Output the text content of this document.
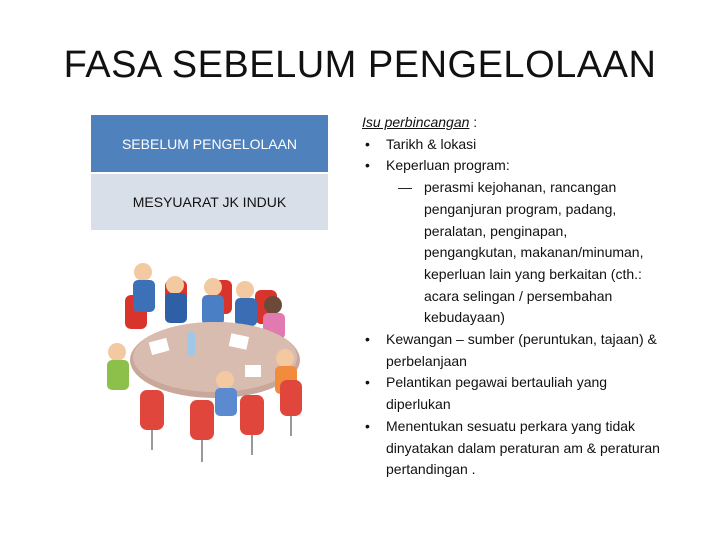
FASA SEBELUM PENGELOLAAN
SEBELUM PENGELOLAAN
MESYUARAT JK INDUK
Isu perbincangan :
• Tarikh & lokasi
• Keperluan program:
— perasmi kejohanan, rancangan penganjuran program, padang, peralatan, penginapan, pengangkutan, makanan/minuman, keperluan lain yang berkaitan (cth.: acara selingan / persembahan kebudayaan)
• Kewangan – sumber (peruntukan, tajaan) & perbelanjaan
• Pelantikan pegawai bertauliah yang diperlukan
• Menentukan sesuatu perkara yang tidak dinyatakan dalam peraturan am & peraturan pertandingan .
